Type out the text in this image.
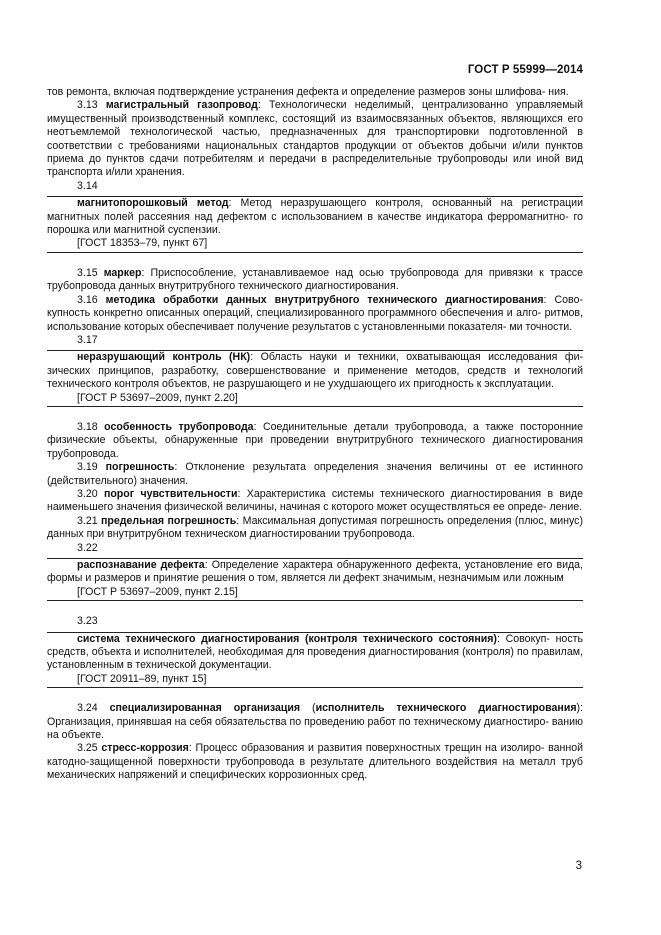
ГОСТ Р 55999—2014

тов ремонта, включая подтверждение устранения дефекта и определение размеров зоны шлифова- ния.

3.13 магистральный газопровод: Технологически неделимый, централизованно управляемый имущественный производственный комплекс, состоящий из взаимосвязанных объектов, являющихся его неотъемлемой технологической частью, предназначенных для транспортировки подготовленной в соответствии с требованиями национальных стандартов продукции от объектов добычи и/или пунктов приема до пунктов сдачи потребителям и передачи в распределительные трубопроводы или иной вид транспорта и/или хранения.

3.14

магнитопорошковый метод: Метод неразрушающего контроля, основанный на регистрации магнитных полей рассеяния над дефектом с использованием в качестве индикатора ферромагнитно- го порошка или магнитной суспензии.

[ГОСТ 18353–79, пункт 67]

3.15 маркер: Приспособление, устанавливаемое над осью трубопровода для привязки к трассе трубопровода данных внутритрубного технического диагностирования.

3.16 методика обработки данных внутритрубного технического диагностирования: Сово- купность конкретно описанных операций, специализированного программного обеспечения и алго- ритмов, использование которых обеспечивает получение результатов с установленными показателя- ми точности.

3.17

неразрушающий контроль (НК): Область науки и техники, охватывающая исследования фи- зических принципов, разработку, совершенствование и применение методов, средств и технологий технического контроля объектов, не разрушающего и не ухудшающего их пригодность к эксплуатации.

[ГОСТ Р 53697–2009, пункт 2.20]

3.18 особенность трубопровода: Соединительные детали трубопровода, а также посторонние физические объекты, обнаруженные при проведении внутритрубного технического диагностирования трубопровода.

3.19 погрешность: Отклонение результата определения значения величины от ее истинного (действительного) значения.

3.20 порог чувствительности: Характеристика системы технического диагностирования в виде наименьшего значения физической величины, начиная с которого может осуществляться ее опреде- ление.

3.21 предельная погрешность: Максимальная допустимая погрешность определения (плюс, минус) данных при внутритрубном техническом диагностировании трубопровода.

3.22

распознавание дефекта: Определение характера обнаруженного дефекта, установление его вида, формы и размеров и принятие решения о том, является ли дефект значимым, незначимым или ложным

[ГОСТ Р 53697–2009, пункт 2.15]

3.23

система технического диагностирования (контроля технического состояния): Совокуп- ность средств, объекта и исполнителей, необходимая для проведения диагностирования (контроля) по правилам, установленным в технической документации.

[ГОСТ 20911–89, пункт 15]

3.24 специализированная организация (исполнитель технического диагностирования): Организация, принявшая на себя обязательства по проведению работ по техническому диагностиро- ванию на объекте.

3.25 стресс-коррозия: Процесс образования и развития поверхностных трещин на изолиро- ванной катодно-защищенной поверхности трубопровода в результате длительного воздействия на металл труб механических напряжений и специфических коррозионных сред.

3
